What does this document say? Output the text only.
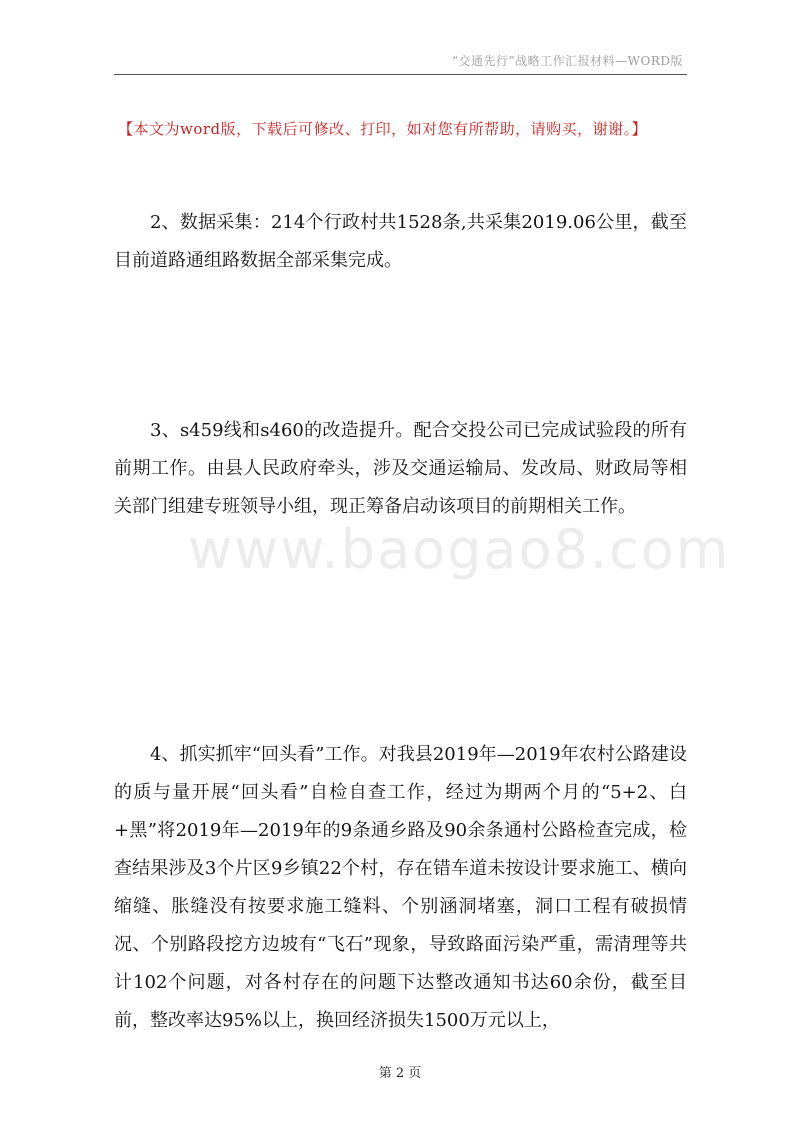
“交通先行”战略工作汇报材料—WORD版
【本文为word版，下载后可修改、打印，如对您有所帮助，请购买，谢谢。】

2、数据采集：214个行政村共1528条,共采集2019.06公里，截至目前道路通组路数据全部采集完成。

3、s459线和s460的改造提升。配合交投公司已完成试验段的所有前期工作。由县人民政府牵头，涉及交通运输局、发改局、财政局等相关部门组建专班领导小组，现正筹备启动该项目的前期相关工作。

www.baogao8.com

4、抓实抓牢“回头看”工作。对我县2019年—2019年农村公路建设的质与量开展“回头看”自检自查工作，经过为期两个月的“5+2、白+黑”将2019年—2019年的9条通乡路及90余条通村公路检查完成，检查结果涉及3个片区9乡镇22个村，存在错车道未按设计要求施工、横向缩缝、胀缝没有按要求施工缝料、个别涵洞堵塞，洞口工程有破损情况、个别路段挖方边坡有“飞石”现象，导致路面污染严重，需清理等共计102个问题，对各村存在的问题下达整改通知书达60余份，截至目前，整改率达95%以上，换回经济损失1500万元以上，

第 2 页
